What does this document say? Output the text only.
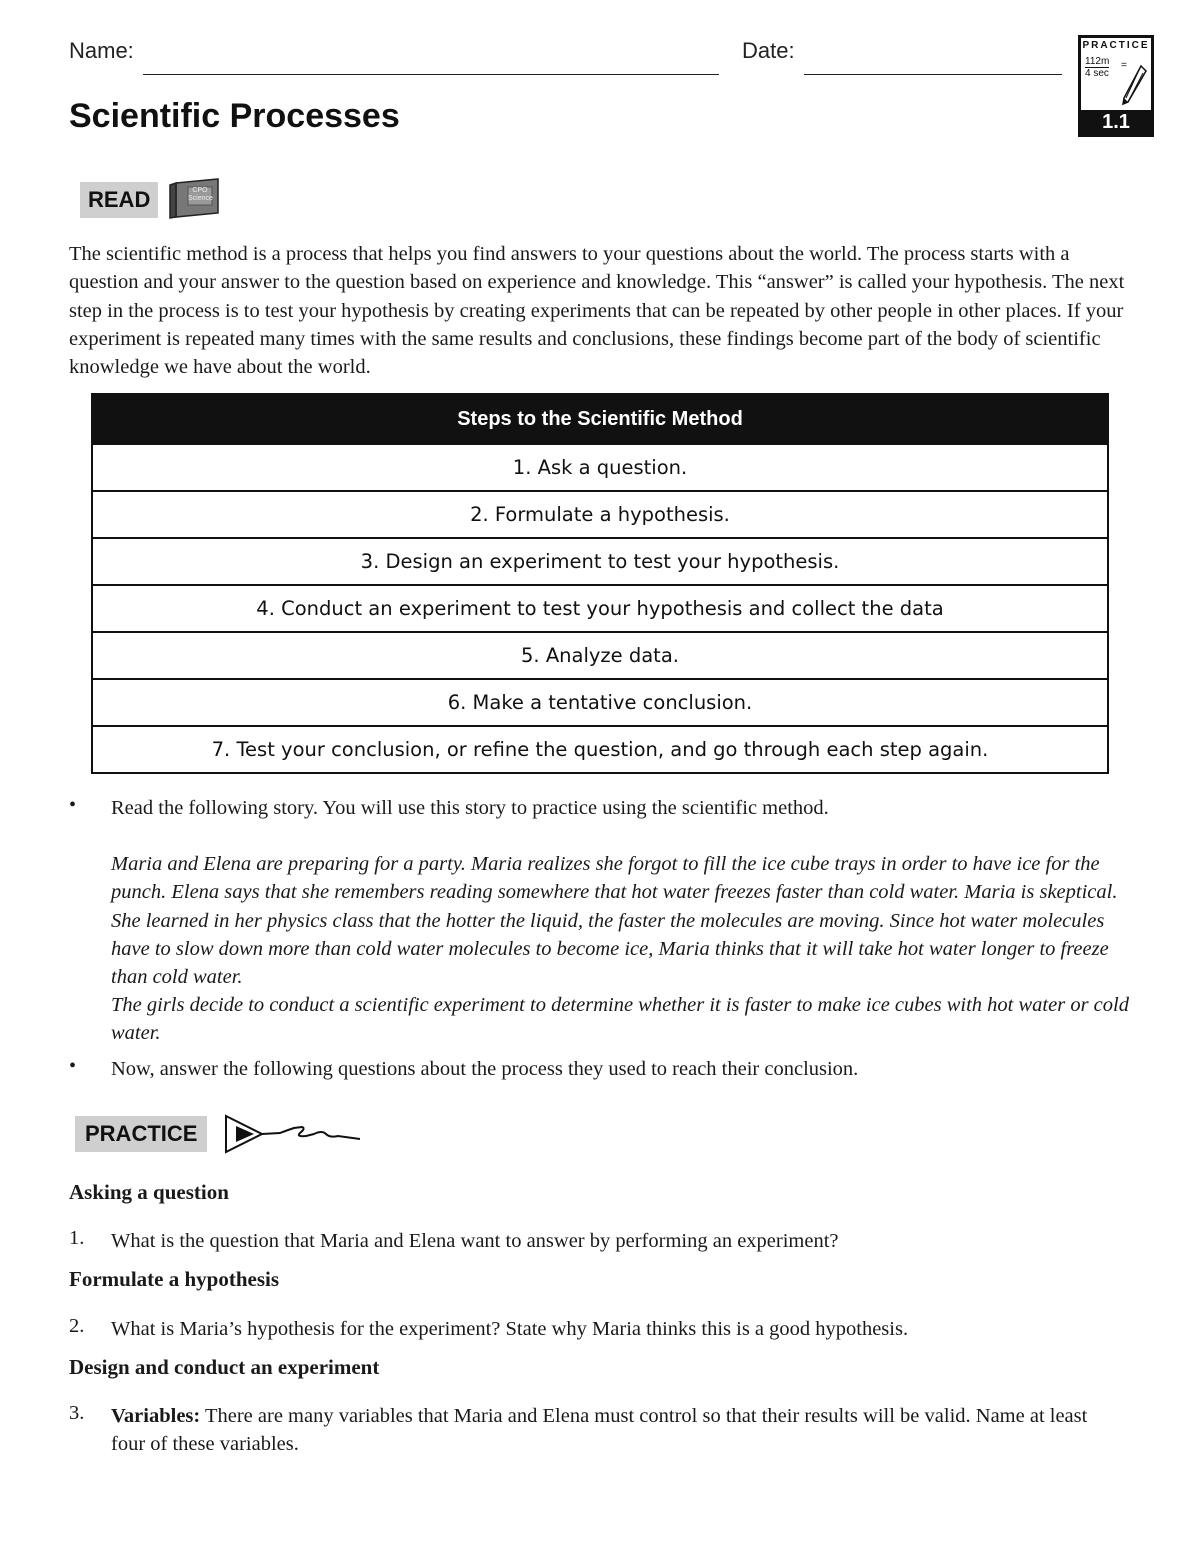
Name:	Date:	PRACTICE
112m
4 sec
=
1.1
Scientific Processes
READ	CPO
Science
The scientific method is a process that helps you find answers to your questions about the world. The process starts with a question and your answer to the question based on experience and knowledge. This “answer” is called your hypothesis. The next step in the process is to test your hypothesis by creating experiments that can be repeated by other people in other places. If your experiment is repeated many times with the same results and conclusions, these findings become part of the body of scientific knowledge we have about the world.
Steps to the Scientific Method
1. Ask a question.
2. Formulate a hypothesis.
3. Design an experiment to test your hypothesis.
4. Conduct an experiment to test your hypothesis and collect the data
5. Analyze data.
6. Make a tentative conclusion.
7. Test your conclusion, or refine the question, and go through each step again.
• Read the following story. You will use this story to practice using the scientific method.
Maria and Elena are preparing for a party. Maria realizes she forgot to fill the ice cube trays in order to have ice for the punch. Elena says that she remembers reading somewhere that hot water freezes faster than cold water. Maria is skeptical. She learned in her physics class that the hotter the liquid, the faster the molecules are moving. Since hot water molecules have to slow down more than cold water molecules to become ice, Maria thinks that it will take hot water longer to freeze than cold water.
The girls decide to conduct a scientific experiment to determine whether it is faster to make ice cubes with hot water or cold water.
• Now, answer the following questions about the process they used to reach their conclusion.
PRACTICE
Asking a question
1. What is the question that Maria and Elena want to answer by performing an experiment?
Formulate a hypothesis
2. What is Maria’s hypothesis for the experiment? State why Maria thinks this is a good hypothesis.
Design and conduct an experiment
3. Variables: There are many variables that Maria and Elena must control so that their results will be valid. Name at least four of these variables.
